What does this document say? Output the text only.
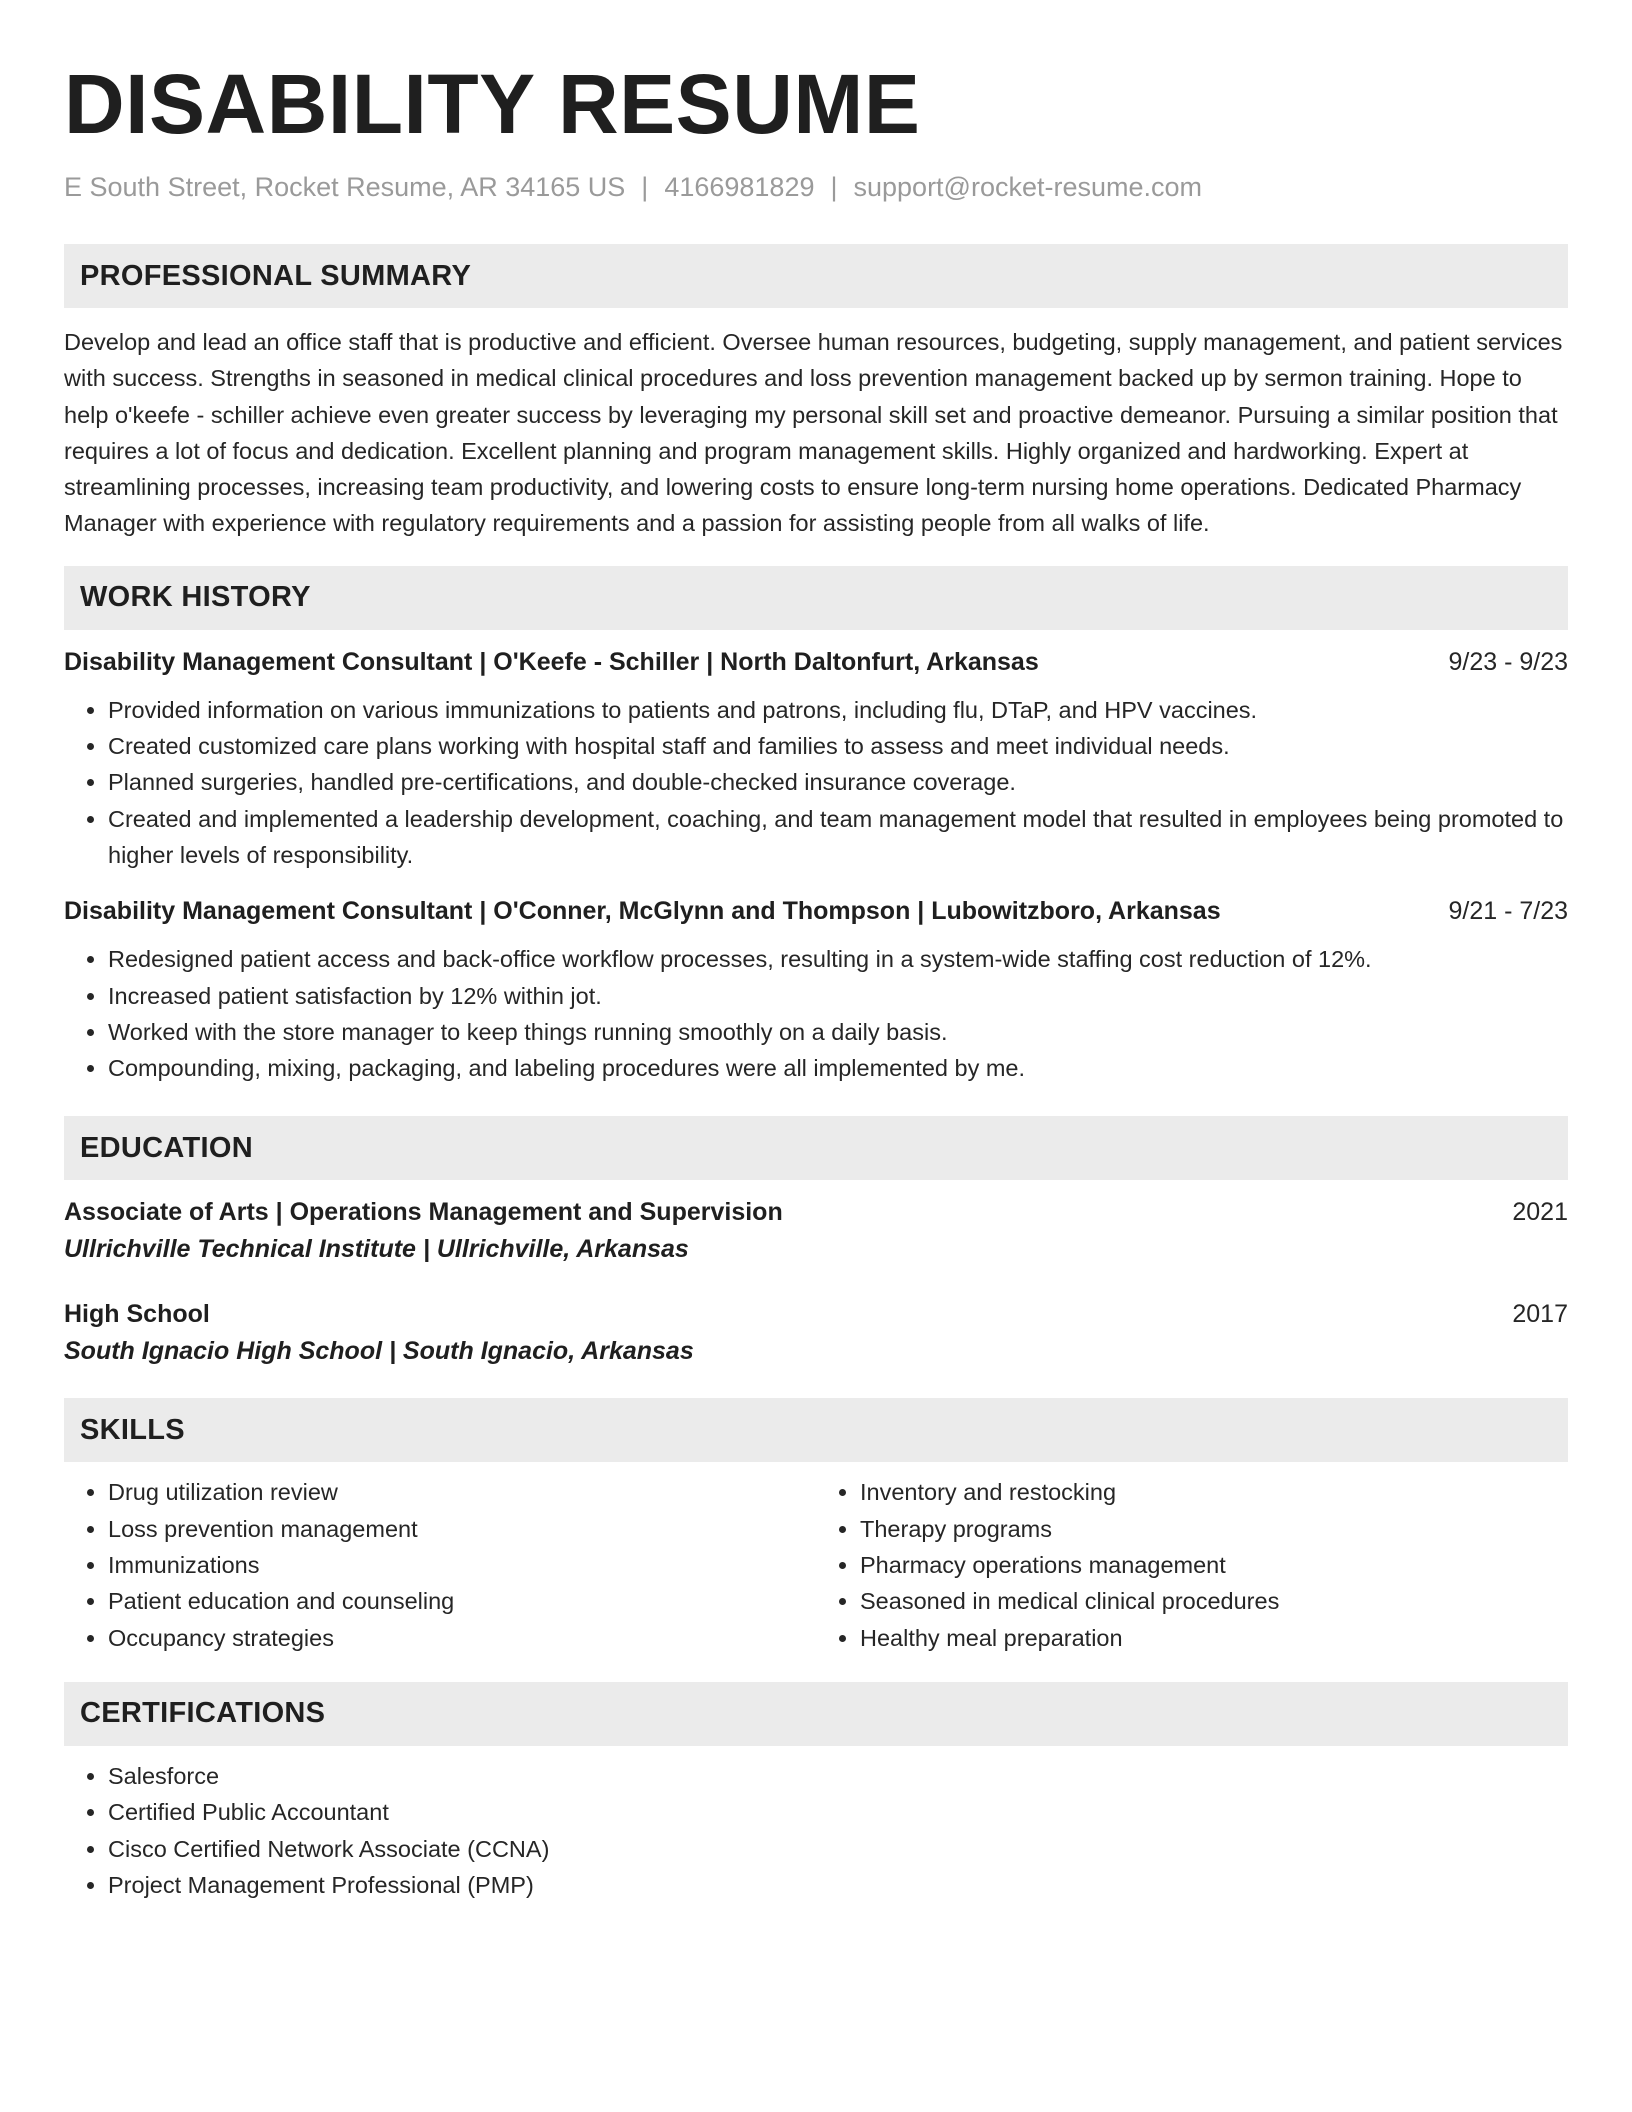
DISABILITY RESUME
E South Street, Rocket Resume, AR 34165 US | 4166981829 | support@rocket-resume.com
PROFESSIONAL SUMMARY
Develop and lead an office staff that is productive and efficient. Oversee human resources, budgeting, supply management, and patient services with success. Strengths in seasoned in medical clinical procedures and loss prevention management backed up by sermon training. Hope to help o'keefe - schiller achieve even greater success by leveraging my personal skill set and proactive demeanor. Pursuing a similar position that requires a lot of focus and dedication. Excellent planning and program management skills. Highly organized and hardworking. Expert at streamlining processes, increasing team productivity, and lowering costs to ensure long-term nursing home operations. Dedicated Pharmacy Manager with experience with regulatory requirements and a passion for assisting people from all walks of life.
WORK HISTORY
Disability Management Consultant | O'Keefe - Schiller | North Daltonfurt, Arkansas	9/23 - 9/23
• Provided information on various immunizations to patients and patrons, including flu, DTaP, and HPV vaccines.
• Created customized care plans working with hospital staff and families to assess and meet individual needs.
• Planned surgeries, handled pre-certifications, and double-checked insurance coverage.
• Created and implemented a leadership development, coaching, and team management model that resulted in employees being promoted to higher levels of responsibility.
Disability Management Consultant | O'Conner, McGlynn and Thompson | Lubowitzboro, Arkansas	9/21 - 7/23
• Redesigned patient access and back-office workflow processes, resulting in a system-wide staffing cost reduction of 12%.
• Increased patient satisfaction by 12% within jot.
• Worked with the store manager to keep things running smoothly on a daily basis.
• Compounding, mixing, packaging, and labeling procedures were all implemented by me.
EDUCATION
Associate of Arts | Operations Management and Supervision	2021
Ullrichville Technical Institute | Ullrichville, Arkansas
High School	2017
South Ignacio High School | South Ignacio, Arkansas
SKILLS
• Drug utilization review
• Loss prevention management
• Immunizations
• Patient education and counseling
• Occupancy strategies
• Inventory and restocking
• Therapy programs
• Pharmacy operations management
• Seasoned in medical clinical procedures
• Healthy meal preparation
CERTIFICATIONS
• Salesforce
• Certified Public Accountant
• Cisco Certified Network Associate (CCNA)
• Project Management Professional (PMP)
